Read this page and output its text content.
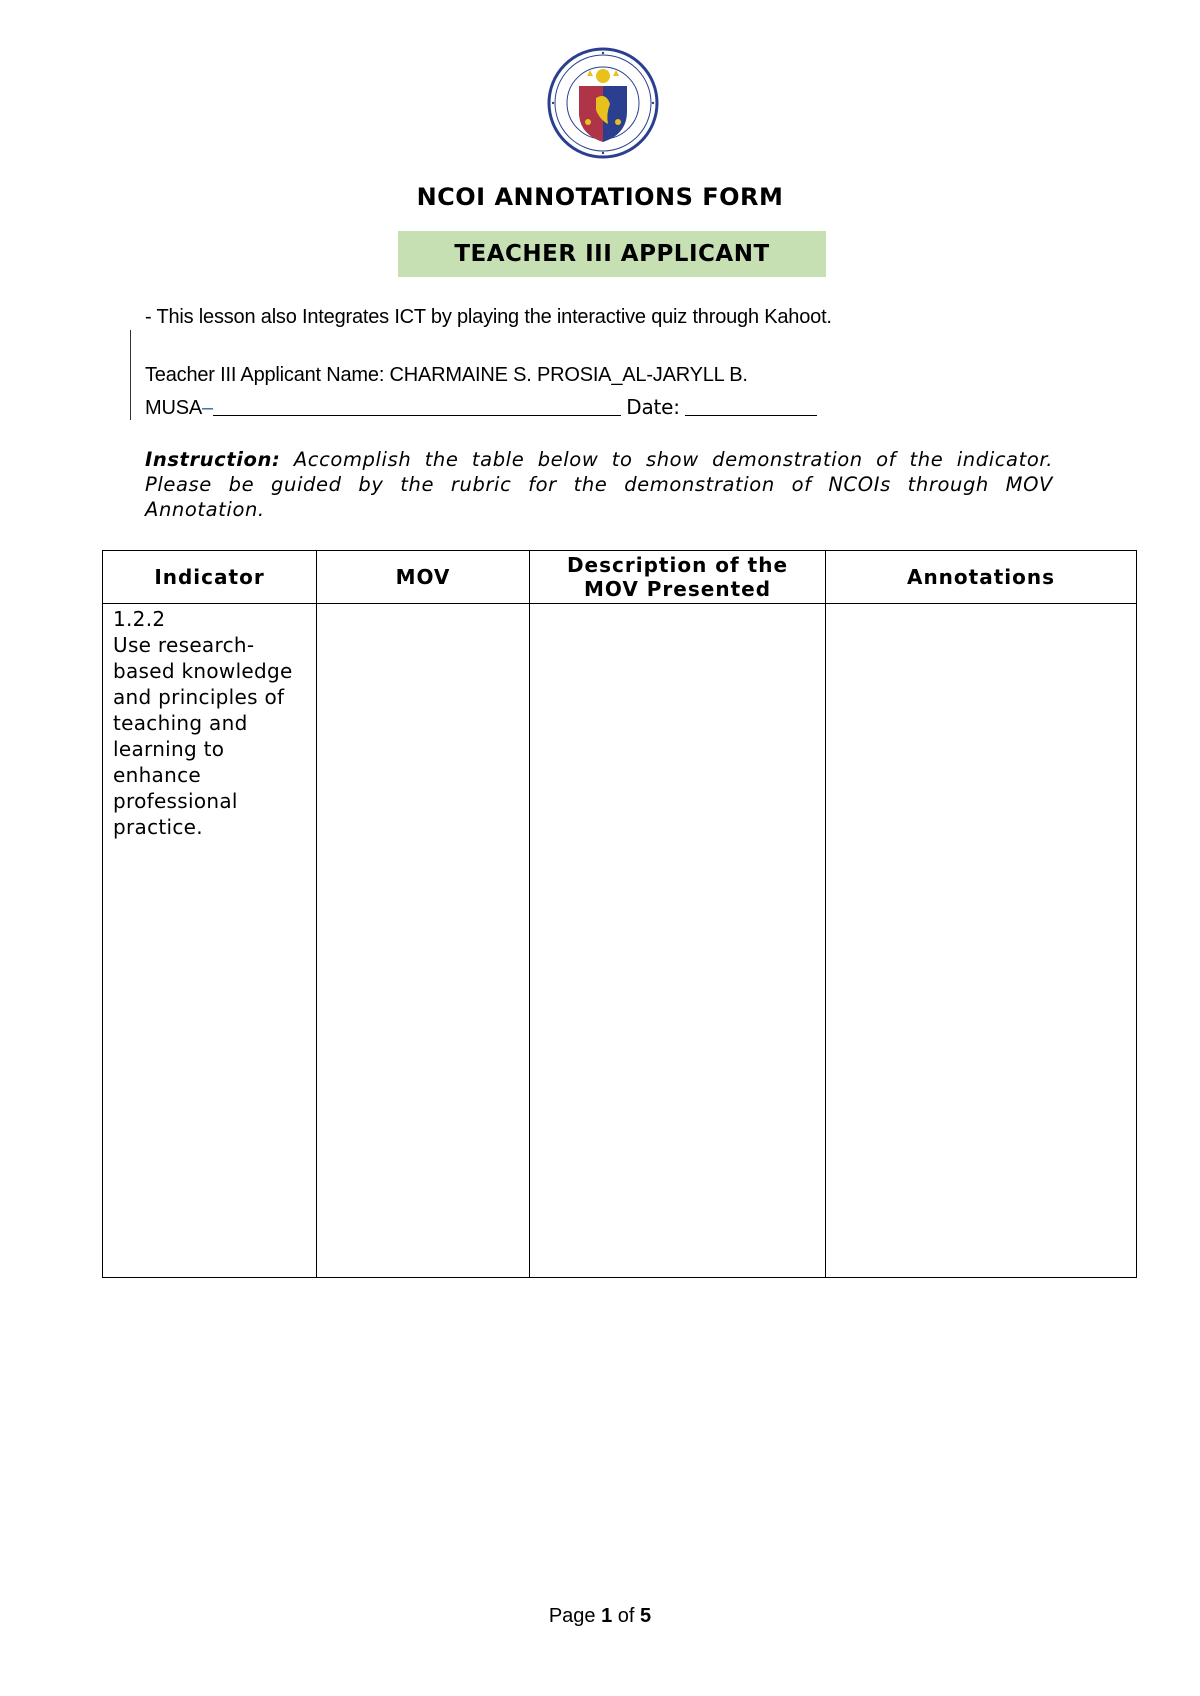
NCOI ANNOTATIONS FORM
TEACHER III APPLICANT
- This lesson also Integrates ICT by playing the interactive quiz through Kahoot.
Teacher III Applicant Name: CHARMAINE S. PROSIA_AL-JARYLL B.
MUSA–	Date:
Instruction: Accomplish the table below to show demonstration of the indicator. Please be guided by the rubric for the demonstration of NCOIs through MOV Annotation.
Indicator	MOV	Description of the MOV Presented	Annotations

1.2.2
Use research-based knowledge and principles of teaching and learning to enhance professional practice.			

Page 1 of 5
